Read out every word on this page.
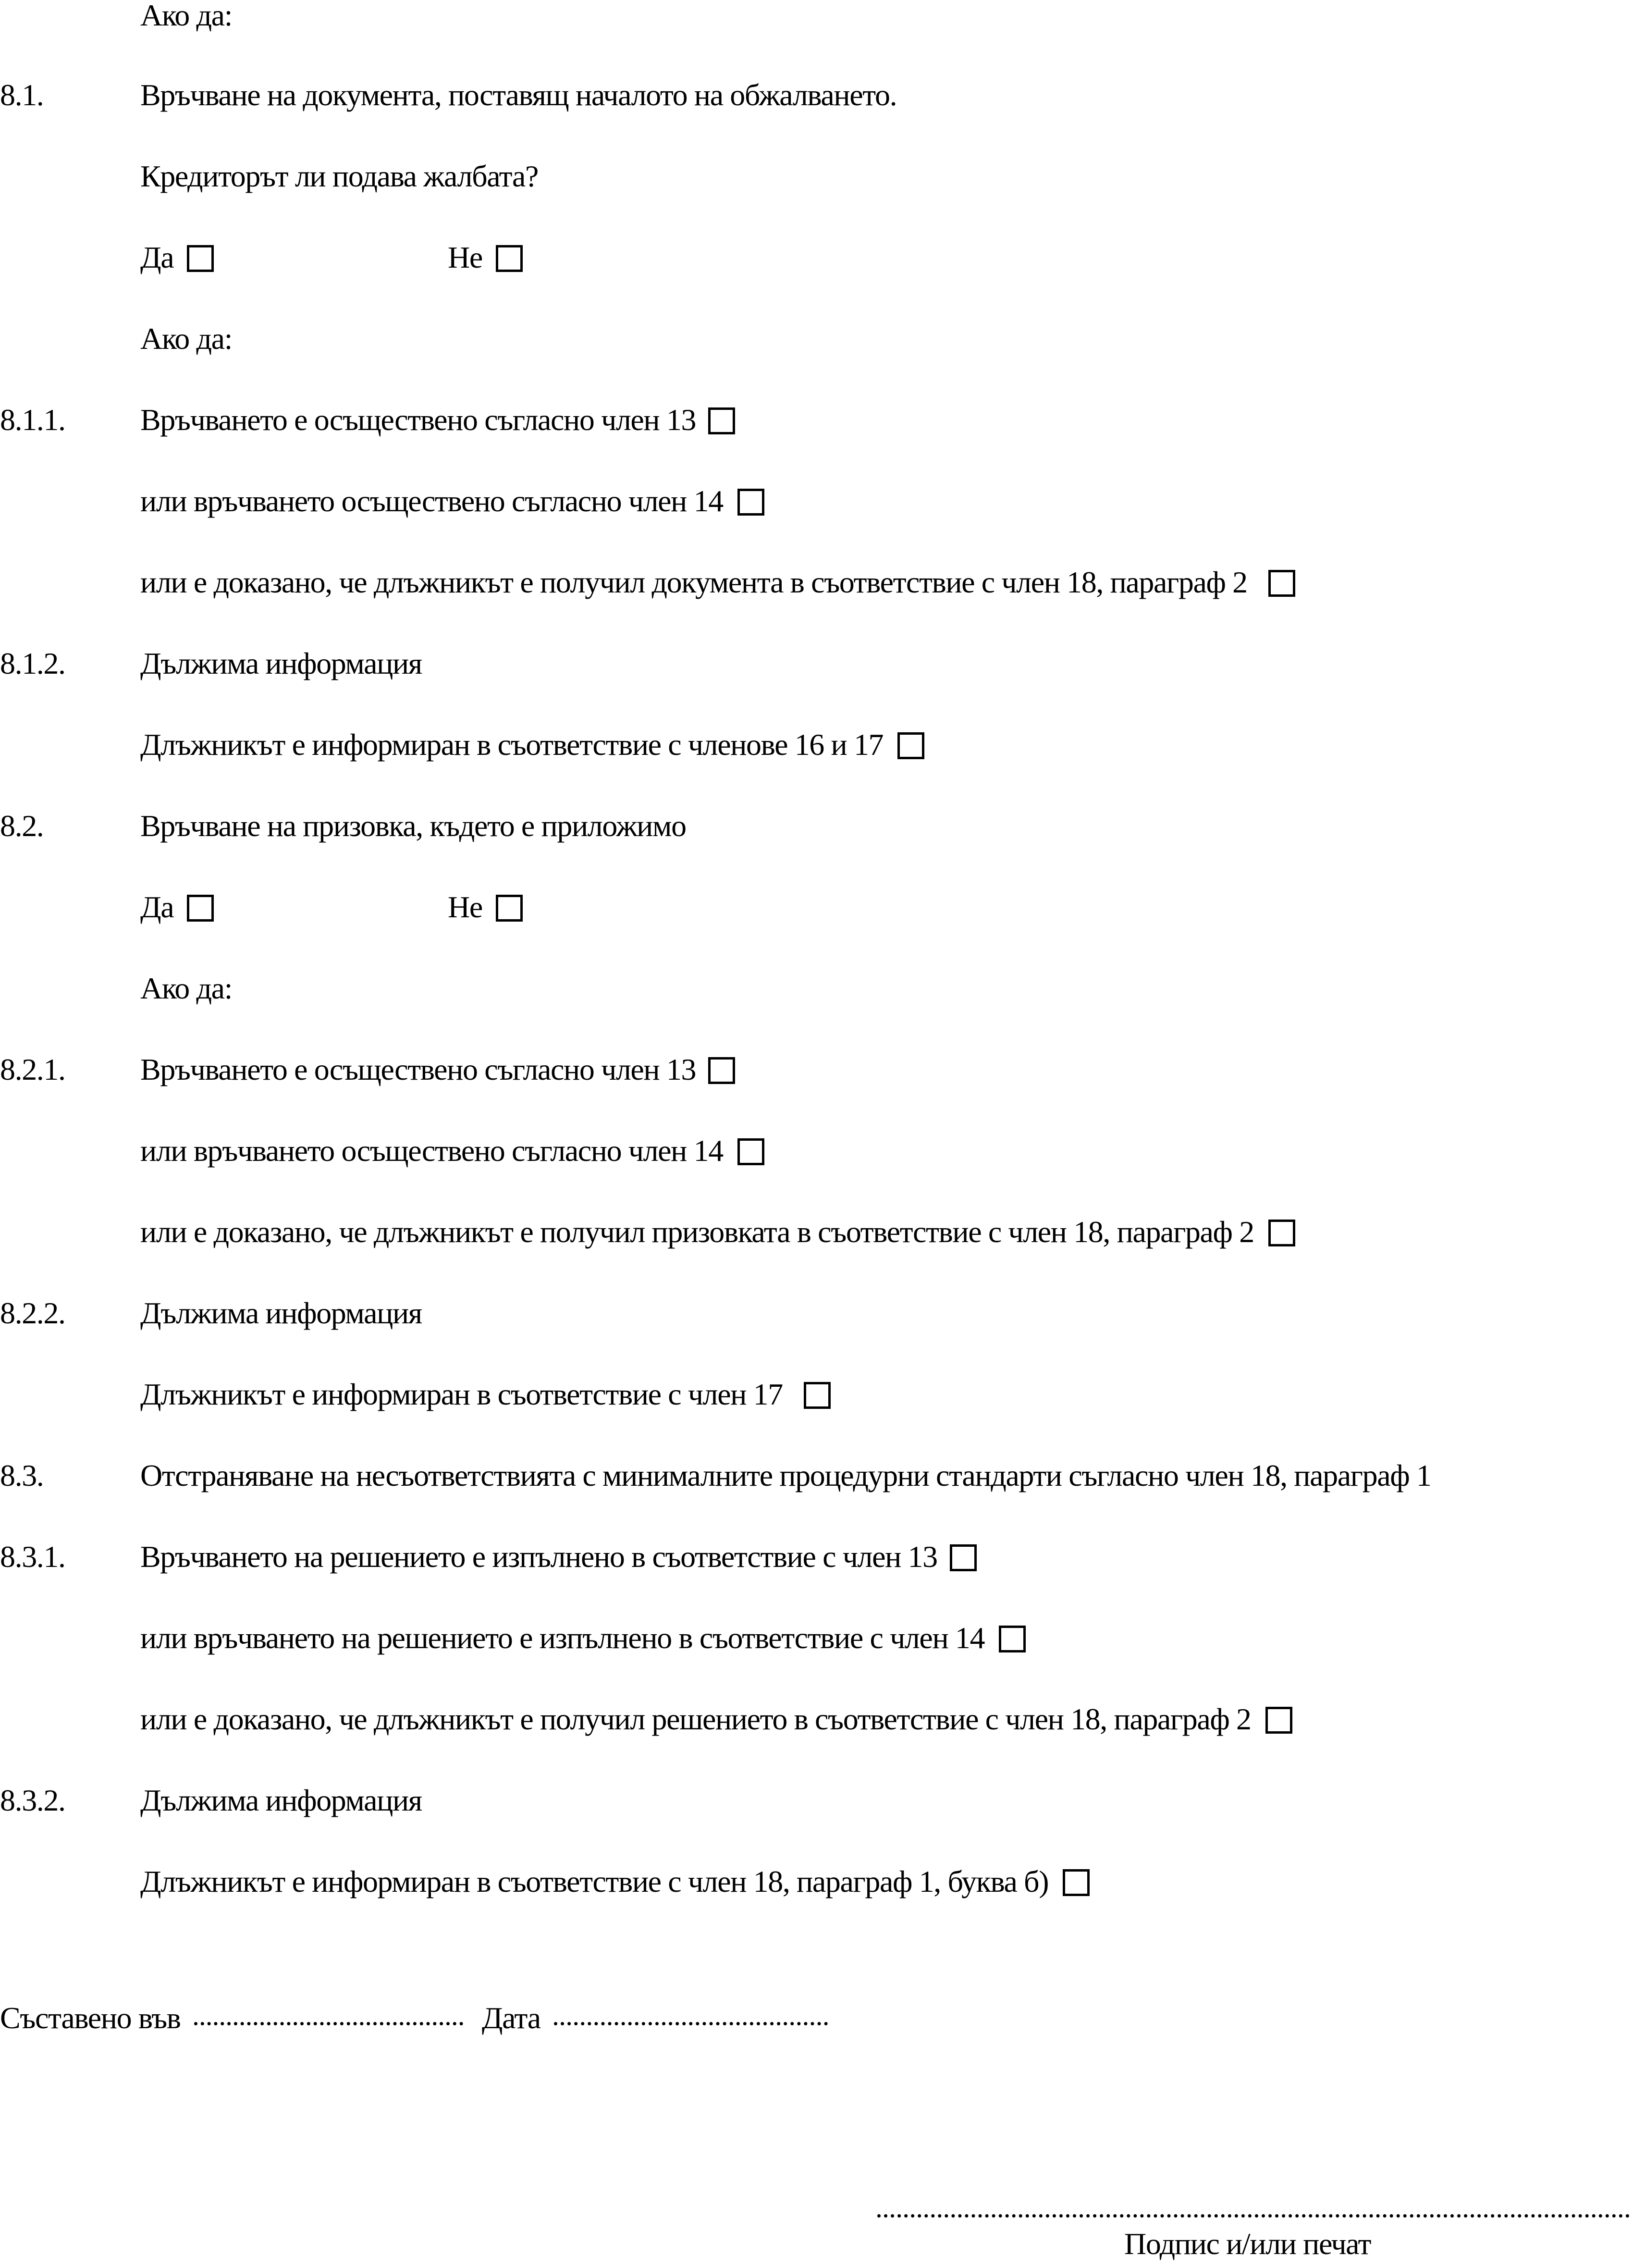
Ако да:
8.1.	Връчване на документа, поставящ началото на обжалването.
Кредиторът ли подава жалбата?
Да	Не
Ако да:
8.1.1. Връчването е осъществено съгласно член 13
или връчването осъществено съгласно член 14
или е доказано, че длъжникът е получил документа в съответствие с член 18, параграф 2
8.1.2. Дължима информация
Длъжникът е информиран в съответствие с членове 16 и 17
8.2.	Връчване на призовка, където е приложимо
Да	Не
Ако да:
8.2.1. Връчването е осъществено съгласно член 13
или връчването осъществено съгласно член 14
или е доказано, че длъжникът е получил призовката в съответствие с член 18, параграф 2
8.2.2. Дължима информация
Длъжникът е информиран в съответствие с член 17
8.3.	Отстраняване на несъответствията с минималните процедурни стандарти съгласно член 18, параграф 1
8.3.1. Връчването на решението е изпълнено в съответствие с член 13
или връчването на решението е изпълнено в съответствие с член 14
или е доказано, че длъжникът е получил решението в съответствие с член 18, параграф 2
8.3.2. Дължима информация
Длъжникът е информиран в съответствие с член 18, параграф 1, буква б)
Съставено във	Дата
Подпис и/или печат
